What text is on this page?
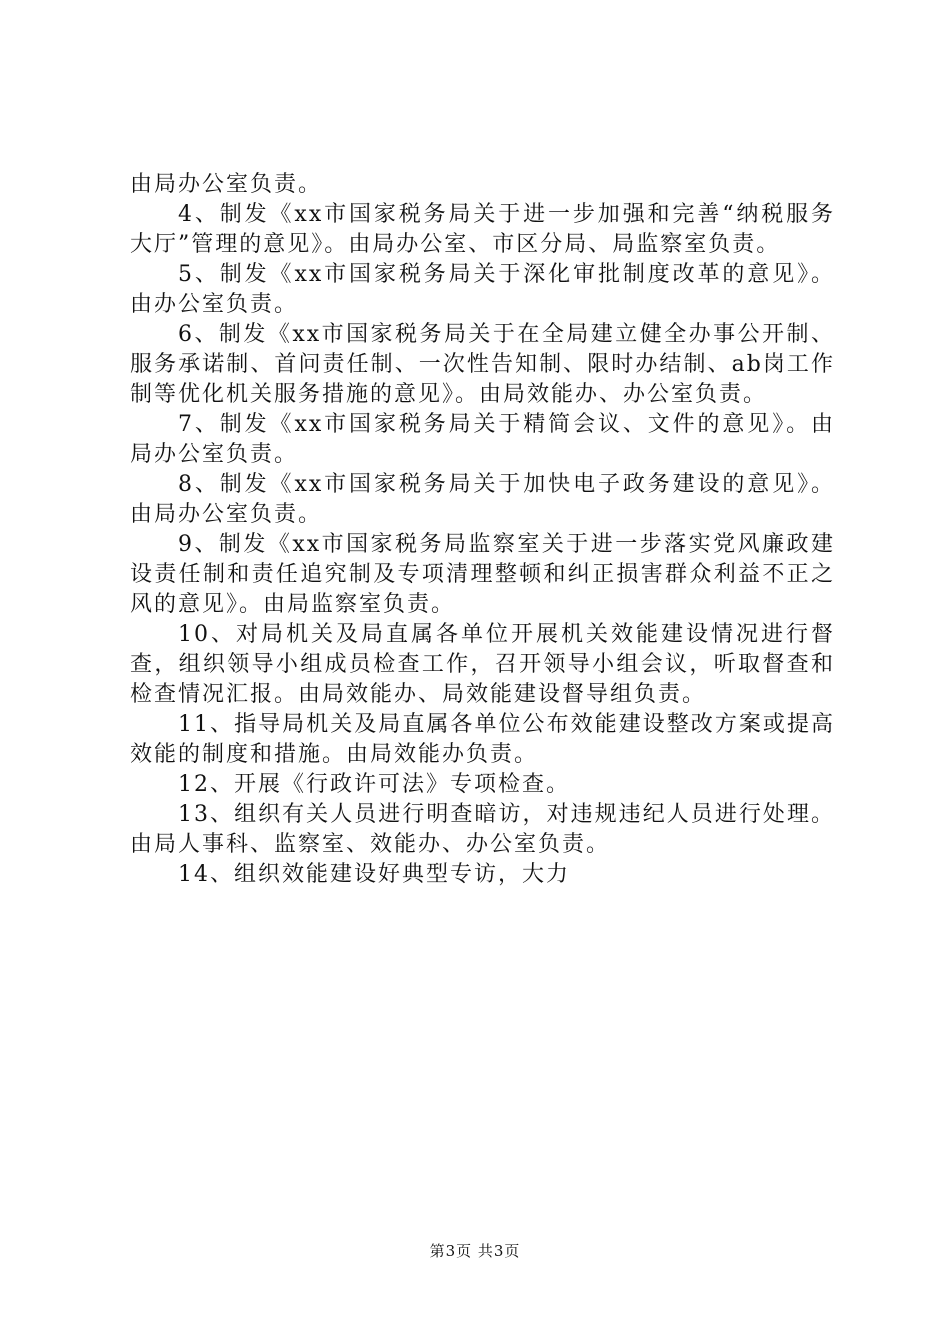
由局办公室负责。

4、制发《xx市国家税务局关于进一步加强和完善“纳税服务大厅”管理的意见》。由局办公室、市区分局、局监察室负责。

5、制发《xx市国家税务局关于深化审批制度改革的意见》。由办公室负责。

6、制发《xx市国家税务局关于在全局建立健全办事公开制、服务承诺制、首问责任制、一次性告知制、限时办结制、ab岗工作制等优化机关服务措施的意见》。由局效能办、办公室负责。

7、制发《xx市国家税务局关于精简会议、文件的意见》。由局办公室负责。

8、制发《xx市国家税务局关于加快电子政务建设的意见》。由局办公室负责。

9、制发《xx市国家税务局监察室关于进一步落实党风廉政建设责任制和责任追究制及专项清理整顿和纠正损害群众利益不正之风的意见》。由局监察室负责。

10、对局机关及局直属各单位开展机关效能建设情况进行督查，组织领导小组成员检查工作，召开领导小组会议，听取督查和检查情况汇报。由局效能办、局效能建设督导组负责。

11、指导局机关及局直属各单位公布效能建设整改方案或提高效能的制度和措施。由局效能办负责。

12、开展《行政许可法》专项检查。

13、组织有关人员进行明查暗访，对违规违纪人员进行处理。由局人事科、监察室、效能办、办公室负责。

14、组织效能建设好典型专访，大力

第3页 共3页
